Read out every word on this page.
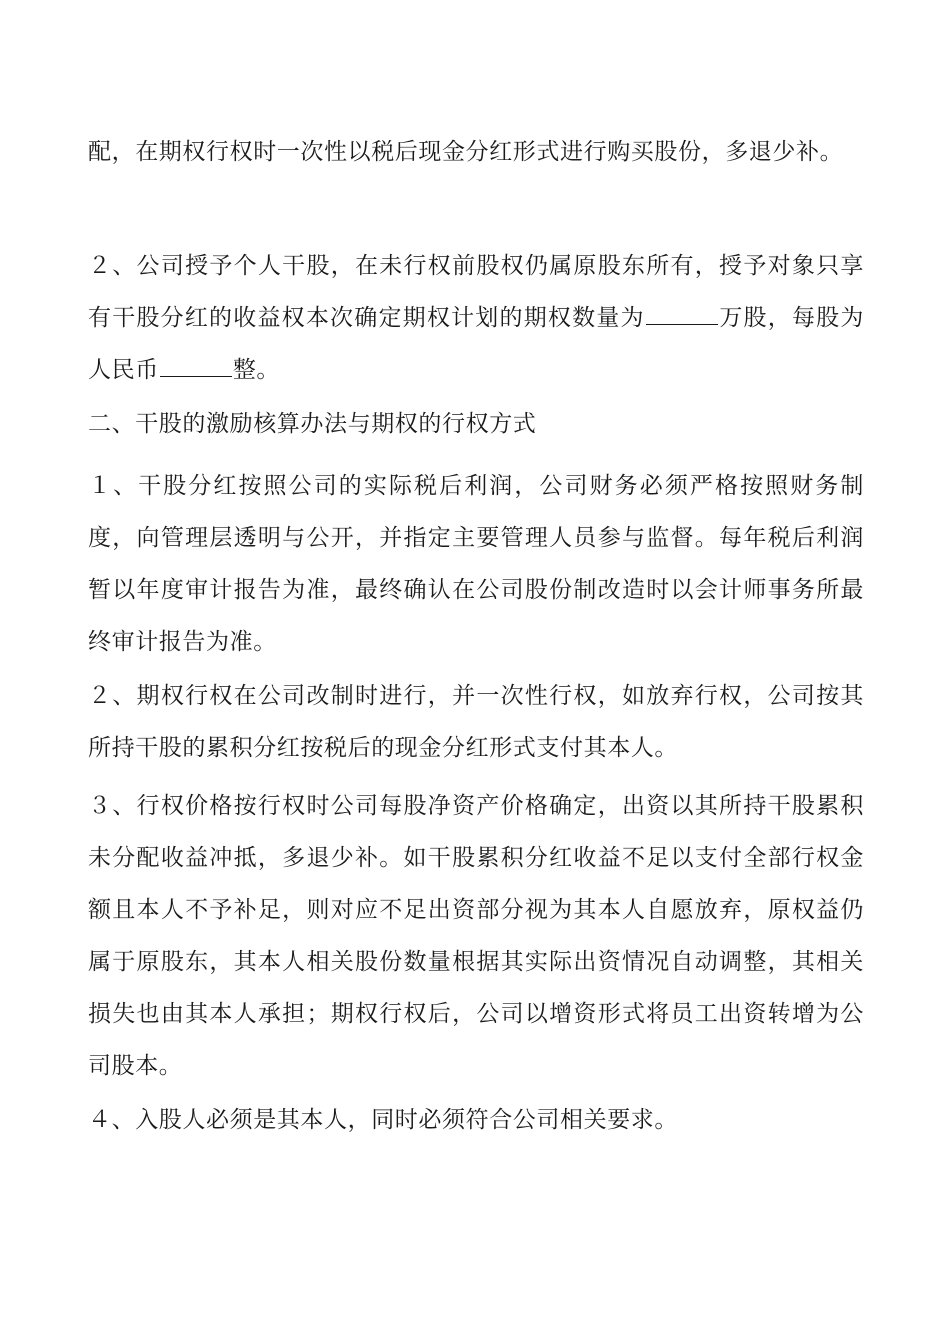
配，在期权行权时一次性以税后现金分红形式进行购买股份，多退少补。
２、公司授予个人干股，在未行权前股权仍属原股东所有，授予对象只享有干股分红的收益权本次确定期权计划的期权数量为	万股，每股为人民币	整。
二、干股的激励核算办法与期权的行权方式
１、干股分红按照公司的实际税后利润，公司财务必须严格按照财务制度，向管理层透明与公开，并指定主要管理人员参与监督。每年税后利润暂以年度审计报告为准，最终确认在公司股份制改造时以会计师事务所最终审计报告为准。
２、期权行权在公司改制时进行，并一次性行权，如放弃行权，公司按其所持干股的累积分红按税后的现金分红形式支付其本人。
３、行权价格按行权时公司每股净资产价格确定，出资以其所持干股累积未分配收益冲抵，多退少补。如干股累积分红收益不足以支付全部行权金额且本人不予补足，则对应不足出资部分视为其本人自愿放弃，原权益仍属于原股东，其本人相关股份数量根据其实际出资情况自动调整，其相关损失也由其本人承担；期权行权后，公司以增资形式将员工出资转增为公司股本。
４、入股人必须是其本人，同时必须符合公司相关要求。
